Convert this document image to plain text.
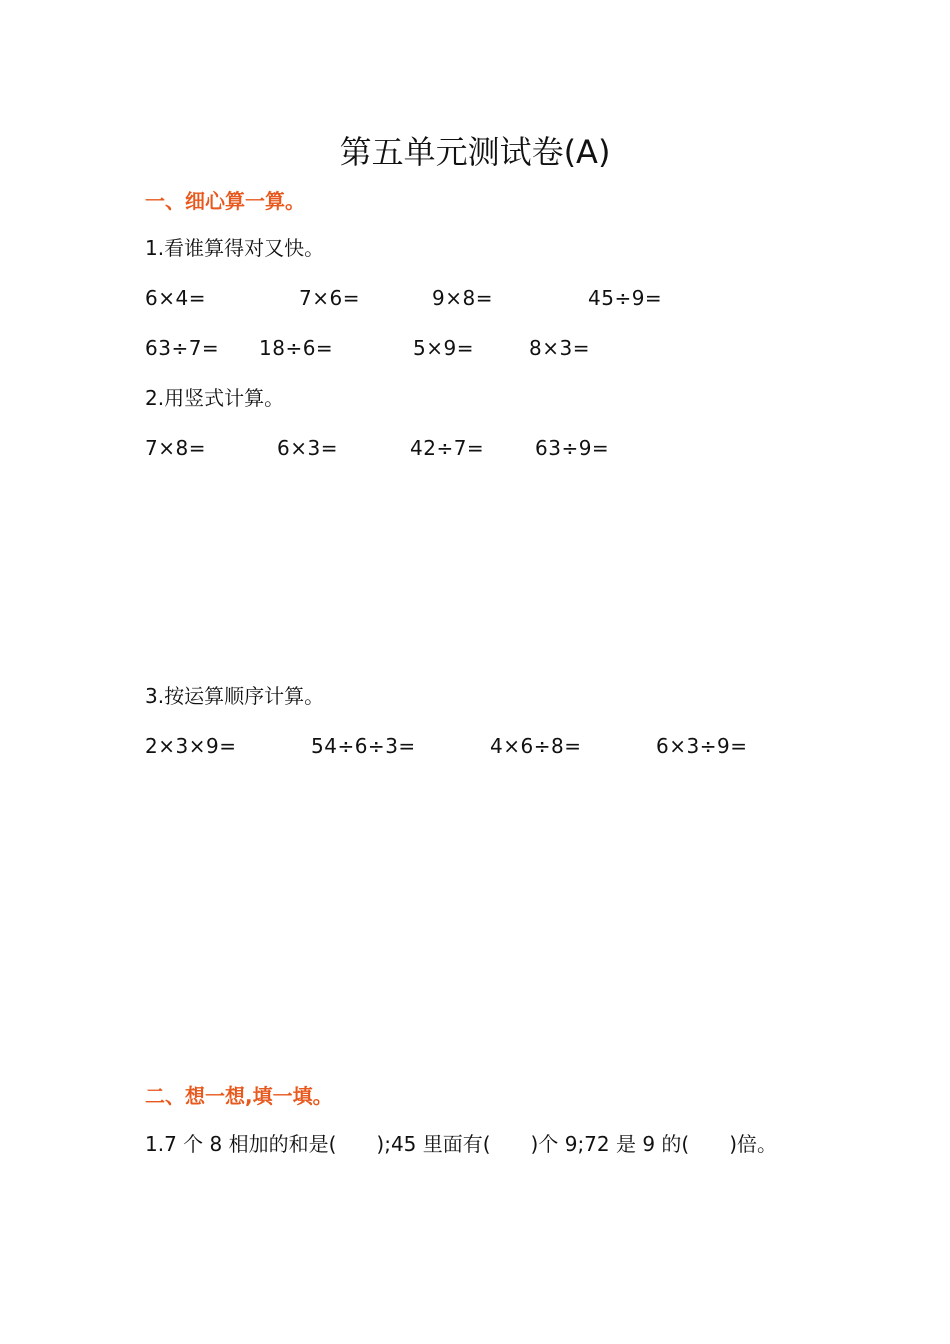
第五单元测试卷(A)
一、细心算一算。
1.看谁算得对又快。
6×4=	7×6=	9×8=	45÷9=
63÷7= 18÷6=	5×9=	8×3=
2.用竖式计算。
7×8=	6×3=	42÷7=	63÷9=
3.按运算顺序计算。
2×3×9=	54÷6÷3=	4×6÷8=	6×3÷9=
二、想一想,填一填。
1.7 个 8 相加的和是(　　);45 里面有(　　)个 9;72 是 9 的(　　)倍。
